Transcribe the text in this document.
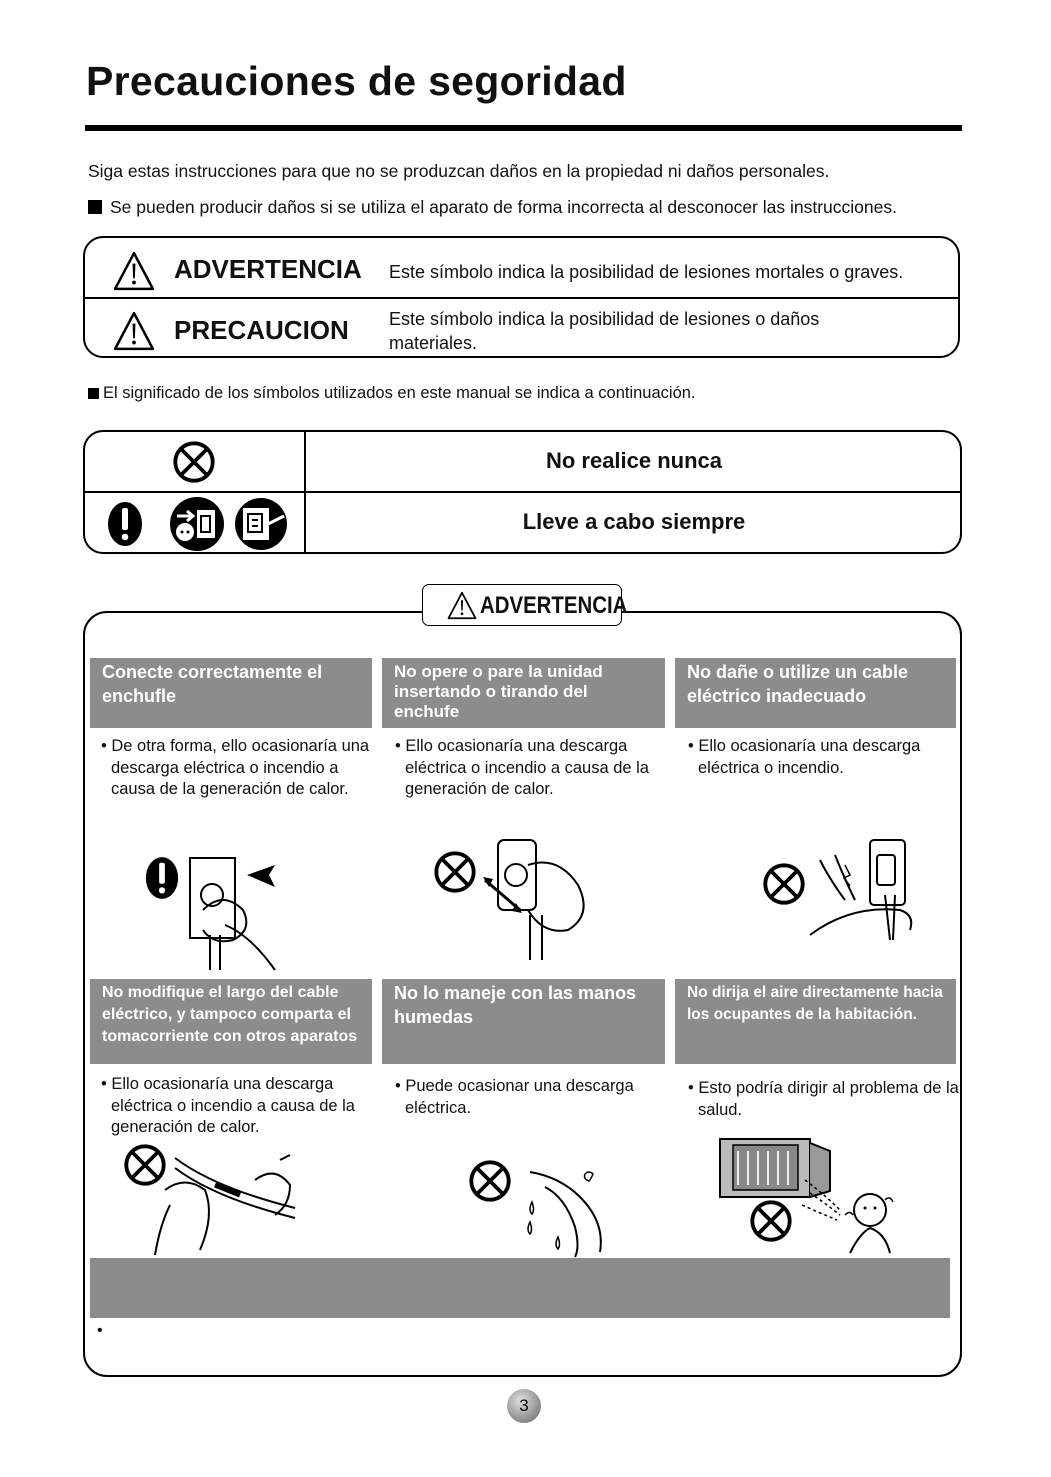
Precauciones de segoridad
Siga estas instrucciones para que no se produzcan daños en la propiedad ni daños personales.
Se pueden producir daños si se utiliza el aparato de forma incorrecta al desconocer las instrucciones.
ADVERTENCIA Este símbolo indica la posibilidad de lesiones mortales o graves.
PRECAUCION Este símbolo indica la posibilidad de lesiones o daños materiales.
El significado de los símbolos utilizados en este manual se indica a continuación.
No realice nunca
Lleve a cabo siempre
ADVERTENCIA
Conecte correctamente el enchufle
No opere o pare la unidad insertando o tirando del enchufe
No dañe o utilize un cable eléctrico inadecuado
• De otra forma, ello ocasionaría una descarga eléctrica o incendio a causa de la generación de calor.
• Ello ocasionaría una descarga eléctrica o incendio a causa de la generación de calor.
• Ello ocasionaría una descarga eléctrica o incendio.
No modifique el largo del cable eléctrico, y tampoco comparta el tomacorriente con otros aparatos
No lo maneje con las manos humedas
No dirija el aire directamente hacia los ocupantes de la habitación.
• Ello ocasionaría una descarga eléctrica o incendio a causa de la generación de calor.
• Puede ocasionar una descarga eléctrica.
• Esto podría dirigir al problema de la salud.
•
3
